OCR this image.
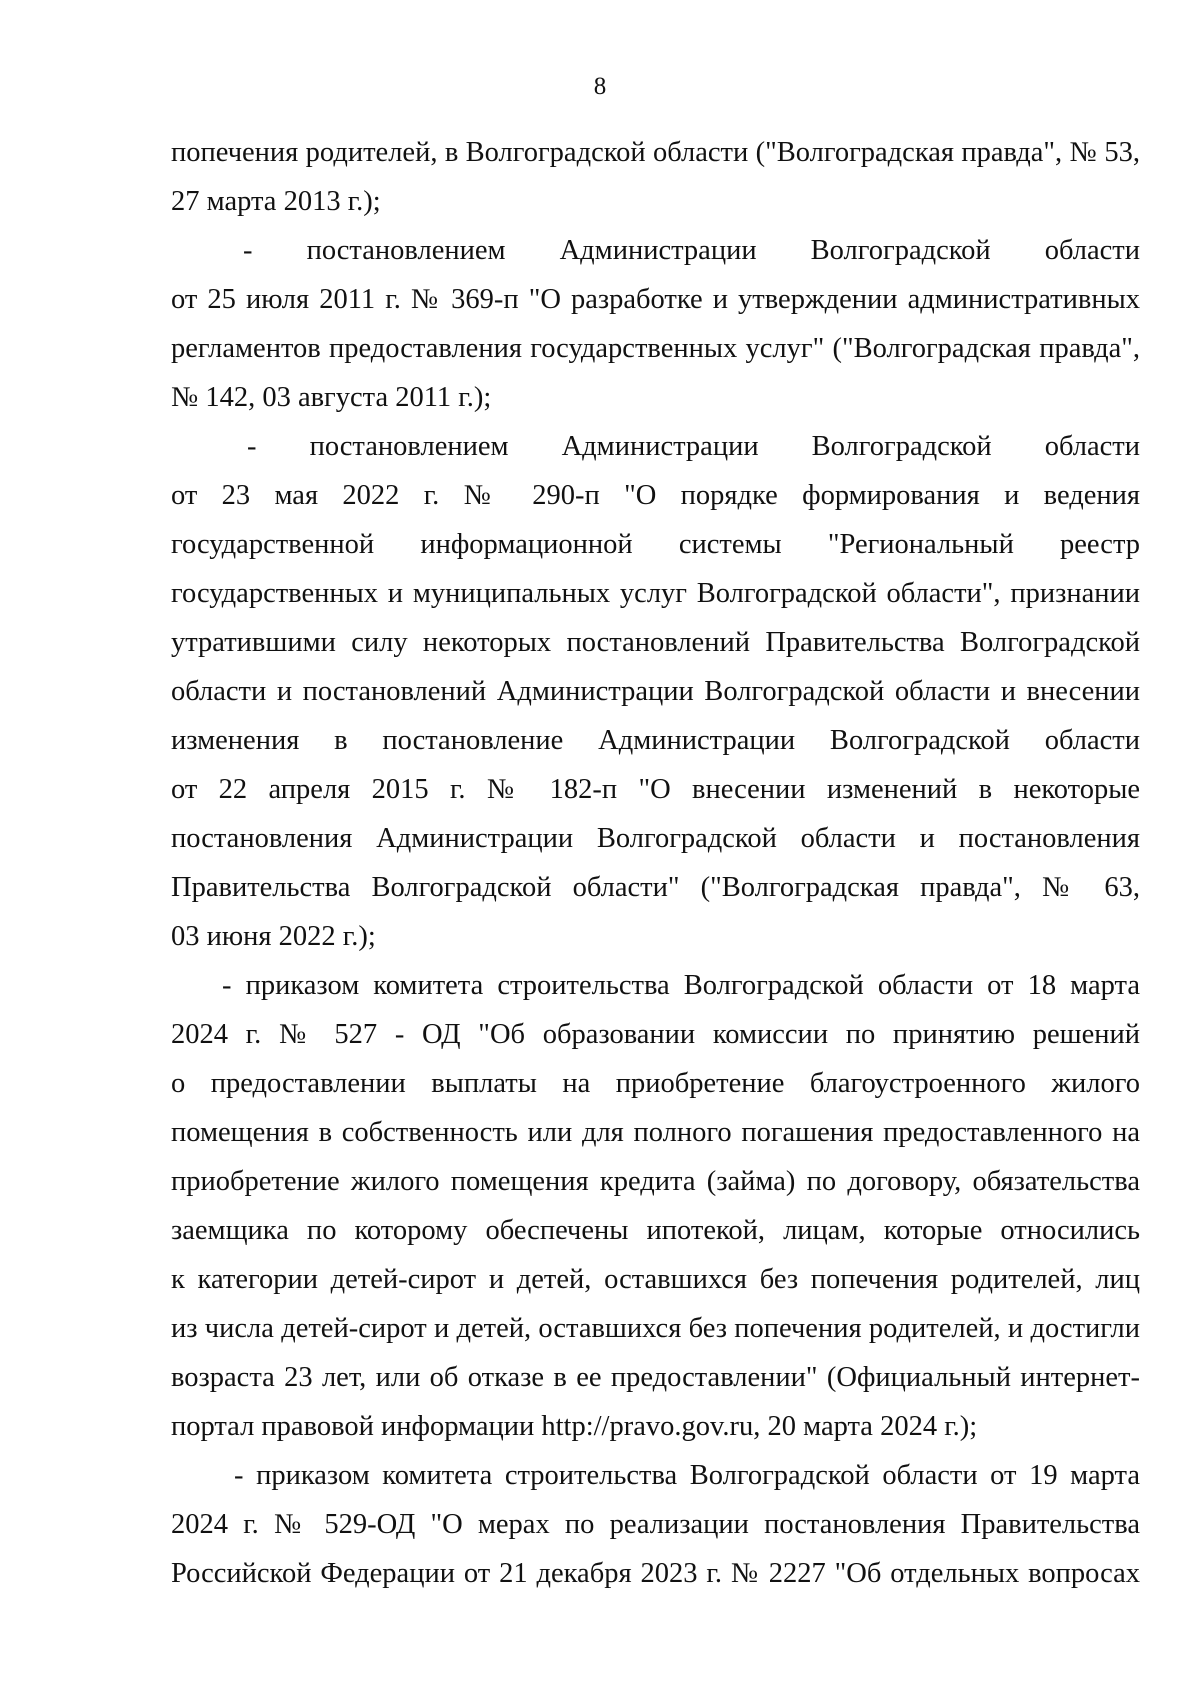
8
попечения родителей, в Волгоградской области ("Волгоградская правда", № 53,
27 марта 2013 г.);
- постановлением Администрации Волгоградской области
от 25 июля 2011 г. № 369-п "О разработке и утверждении административных
регламентов предоставления государственных услуг" ("Волгоградская правда",
№ 142, 03 августа 2011 г.);
- постановлением Администрации Волгоградской области
от 23 мая 2022 г. № 290-п "О порядке формирования и ведения
государственной информационной системы "Региональный реестр
государственных и муниципальных услуг Волгоградской области", признании
утратившими силу некоторых постановлений Правительства Волгоградской
области и постановлений Администрации Волгоградской области и внесении
изменения в постановление Администрации Волгоградской области
от 22 апреля 2015 г. № 182-п "О внесении изменений в некоторые
постановления Администрации Волгоградской области и постановления
Правительства Волгоградской области" ("Волгоградская правда", № 63,
03 июня 2022 г.);
- приказом комитета строительства Волгоградской области от 18 марта
2024 г. № 527 - ОД "Об образовании комиссии по принятию решений
о предоставлении выплаты на приобретение благоустроенного жилого
помещения в собственность или для полного погашения предоставленного на
приобретение жилого помещения кредита (займа) по договору, обязательства
заемщика по которому обеспечены ипотекой, лицам, которые относились
к категории детей-сирот и детей, оставшихся без попечения родителей, лиц
из числа детей-сирот и детей, оставшихся без попечения родителей, и достигли
возраста 23 лет, или об отказе в ее предоставлении" (Официальный интернет-
портал правовой информации http://pravo.gov.ru, 20 марта 2024 г.);
- приказом комитета строительства Волгоградской области от 19 марта
2024 г. № 529-ОД "О мерах по реализации постановления Правительства
Российской Федерации от 21 декабря 2023 г. № 2227 "Об отдельных вопросах
